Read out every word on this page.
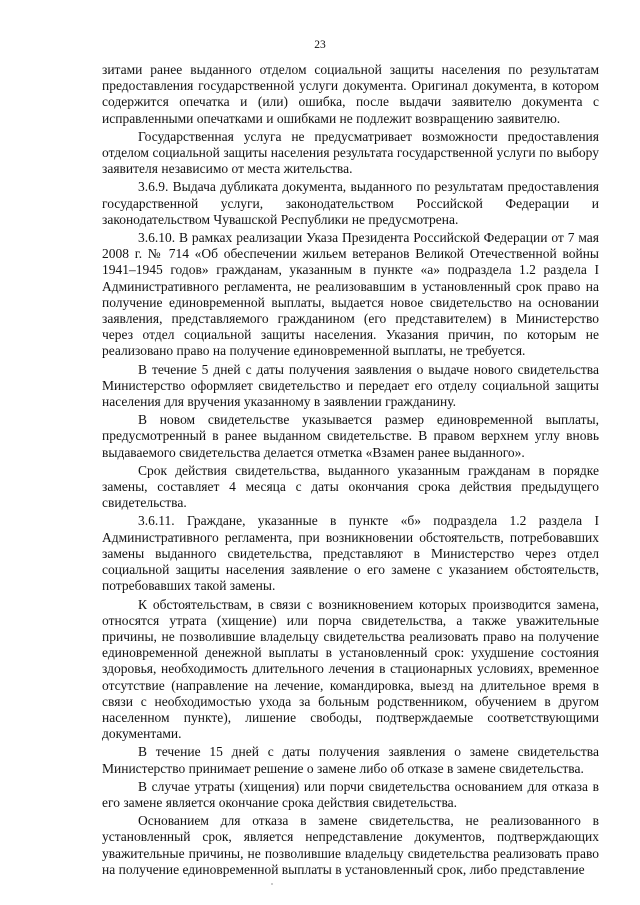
23

зитами ранее выданного отделом социальной защиты населения по результатам предоставления государственной услуги документа. Оригинал документа, в котором содержится опечатка и (или) ошибка, после выдачи заявителю документа с исправленными опечатками и ошибками не подлежит возвращению заявителю.

Государственная услуга не предусматривает возможности предоставления отделом социальной защиты населения результата государственной услуги по выбору заявителя независимо от места жительства.

3.6.9. Выдача дубликата документа, выданного по результатам предоставления государственной услуги, законодательством Российской Федерации и законодательством Чувашской Республики не предусмотрена.

3.6.10. В рамках реализации Указа Президента Российской Федерации от 7 мая 2008 г. № 714 «Об обеспечении жильем ветеранов Великой Отечественной войны 1941–1945 годов» гражданам, указанным в пункте «а» подраздела 1.2 раздела I Административного регламента, не реализовавшим в установленный срок право на получение единовременной выплаты, выдается новое свидетельство на основании заявления, представляемого гражданином (его представителем) в Министерство через отдел социальной защиты населения. Указания причин, по которым не реализовано право на получение единовременной выплаты, не требуется.

В течение 5 дней с даты получения заявления о выдаче нового свидетельства Министерство оформляет свидетельство и передает его отделу социальной защиты населения для вручения указанному в заявлении гражданину.

В новом свидетельстве указывается размер единовременной выплаты, предусмотренный в ранее выданном свидетельстве. В правом верхнем углу вновь выдаваемого свидетельства делается отметка «Взамен ранее выданного».

Срок действия свидетельства, выданного указанным гражданам в порядке замены, составляет 4 месяца с даты окончания срока действия предыдущего свидетельства.

3.6.11. Граждане, указанные в пункте «б» подраздела 1.2 раздела I Административного регламента, при возникновении обстоятельств, потребовавших замены выданного свидетельства, представляют в Министерство через отдел социальной защиты населения заявление о его замене с указанием обстоятельств, потребовавших такой замены.

К обстоятельствам, в связи с возникновением которых производится замена, относятся утрата (хищение) или порча свидетельства, а также уважительные причины, не позволившие владельцу свидетельства реализовать право на получение единовременной денежной выплаты в установленный срок: ухудшение состояния здоровья, необходимость длительного лечения в стационарных условиях, временное отсутствие (направление на лечение, командировка, выезд на длительное время в связи с необходимостью ухода за больным родственником, обучением в другом населенном пункте), лишение свободы, подтверждаемые соответствующими документами.

В течение 15 дней с даты получения заявления о замене свидетельства Министерство принимает решение о замене либо об отказе в замене свидетельства.

В случае утраты (хищения) или порчи свидетельства основанием для отказа в его замене является окончание срока действия свидетельства.

Основанием для отказа в замене свидетельства, не реализованного в установленный срок, является непредставление документов, подтверждающих уважительные причины, не позволившие владельцу свидетельства реализовать право на получение единовременной выплаты в установленный срок, либо представление
